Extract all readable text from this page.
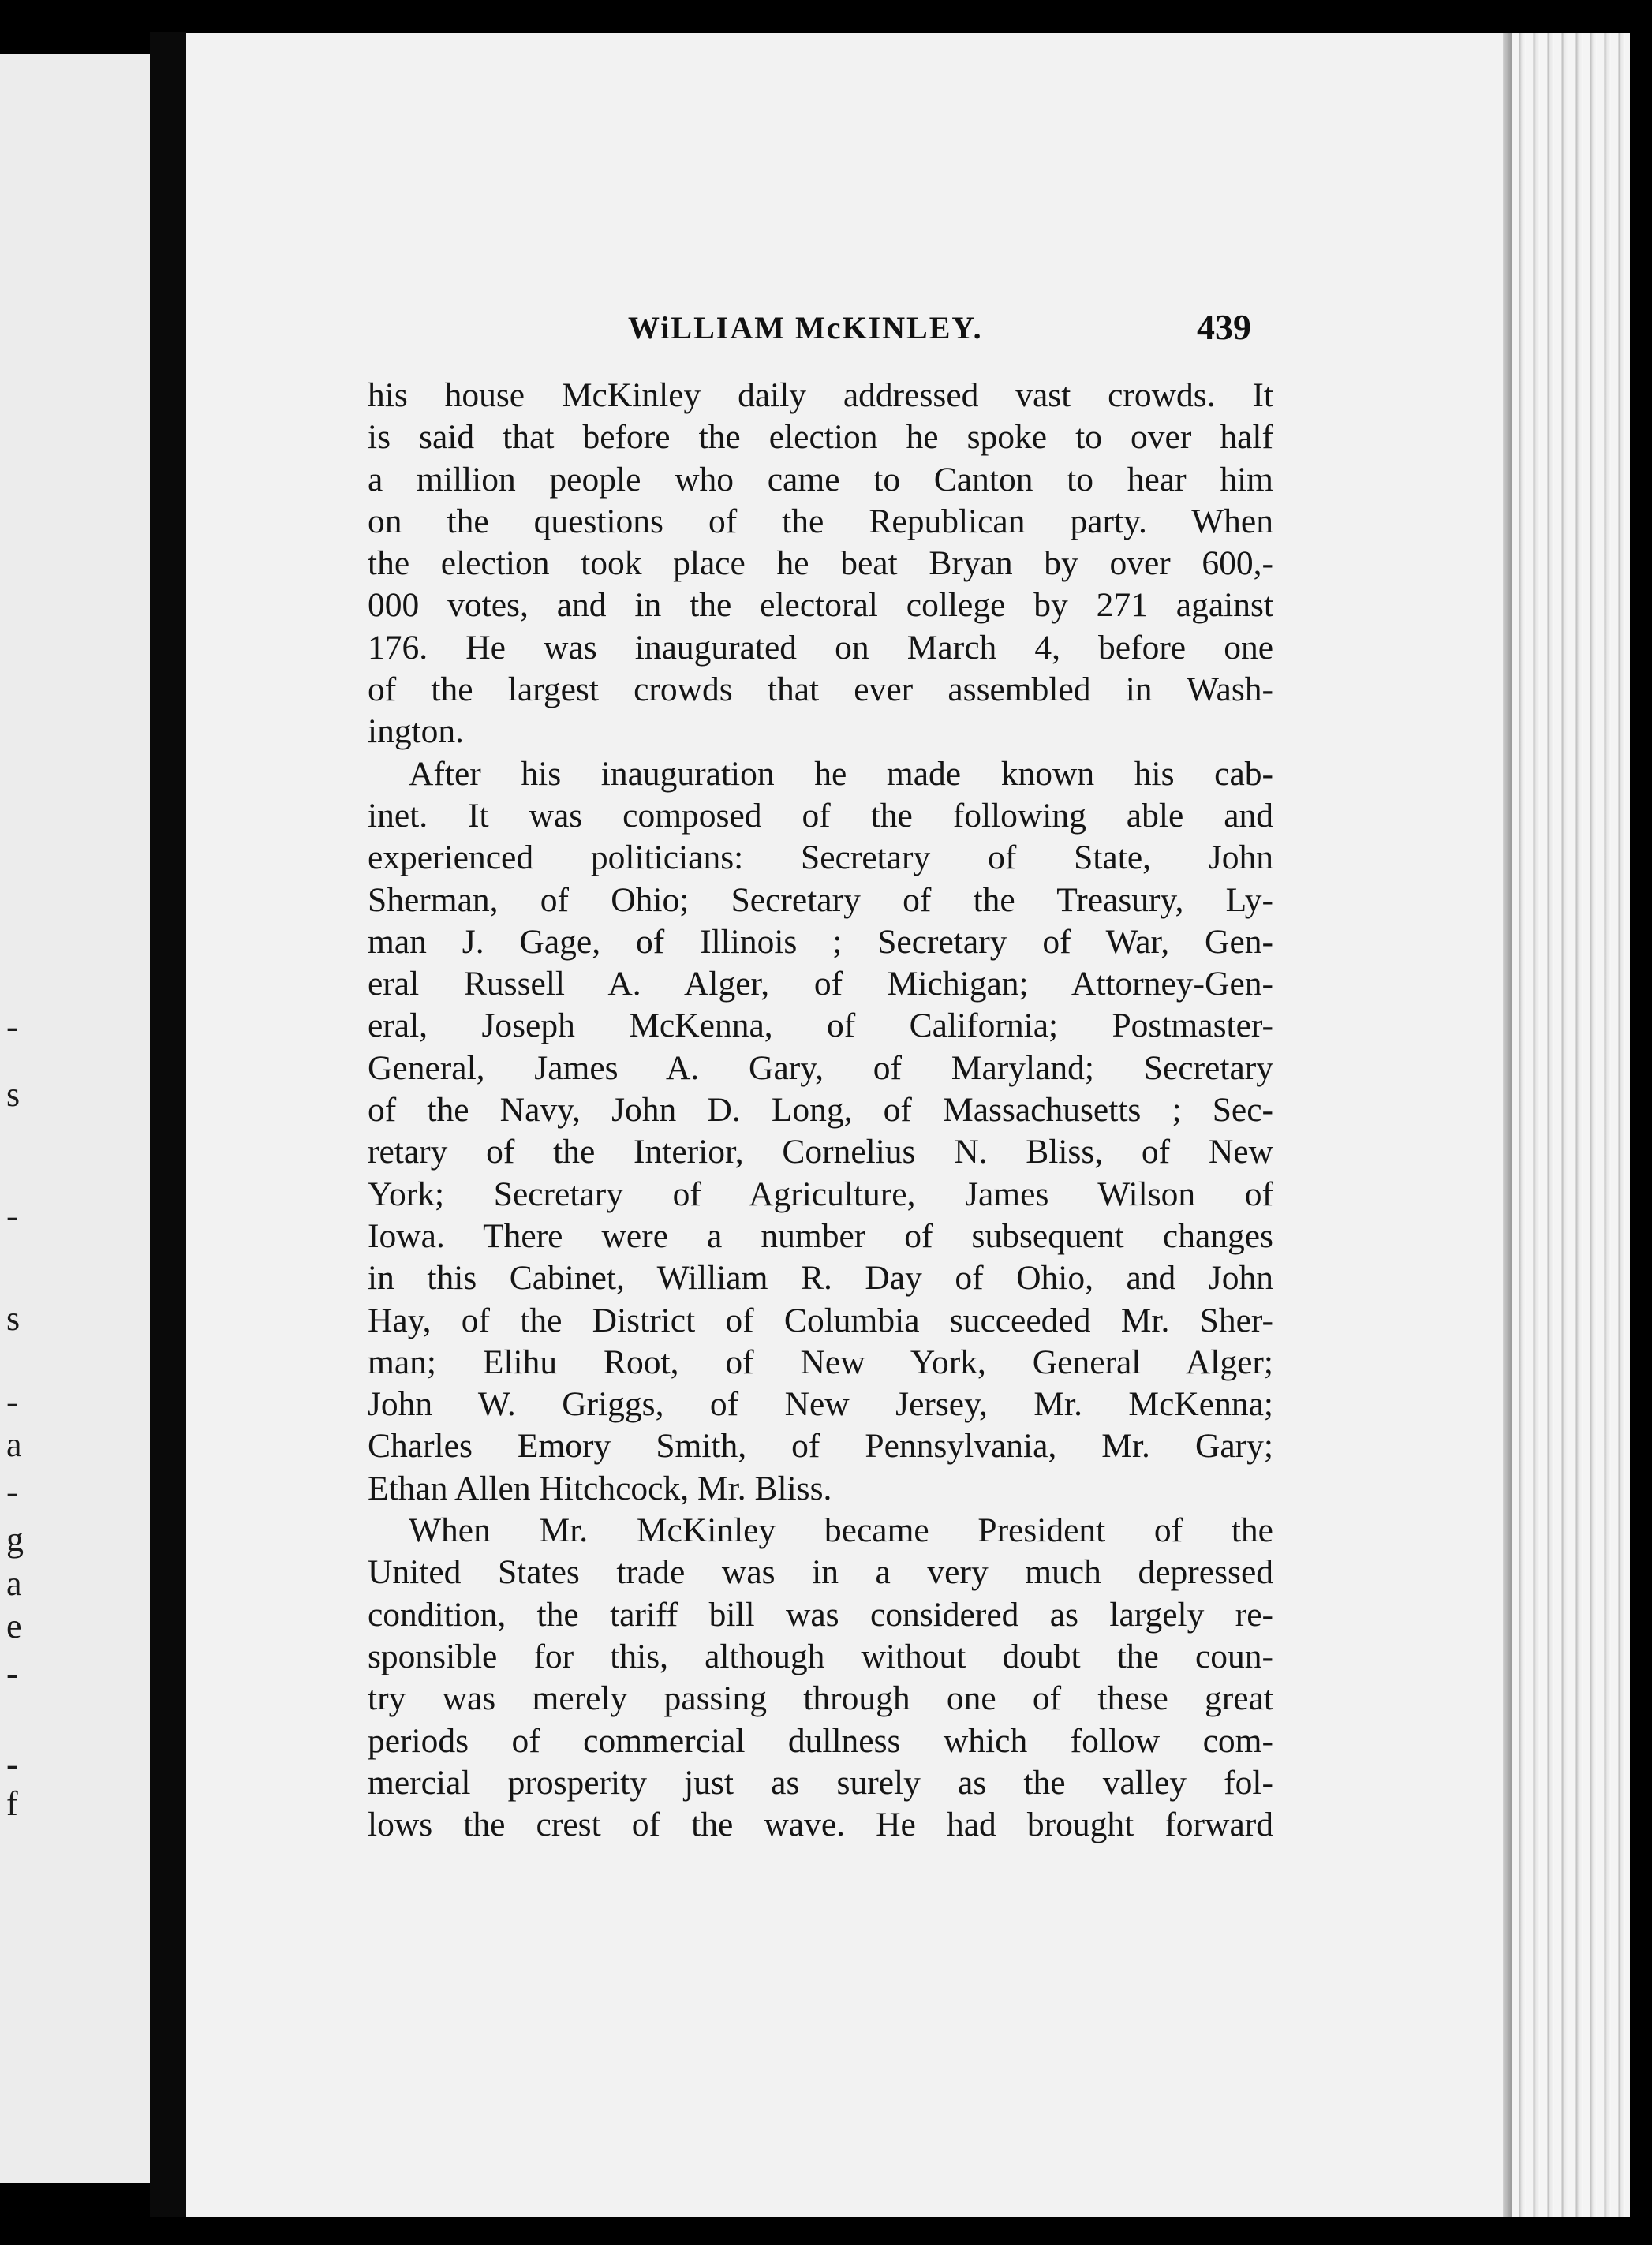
-
s
-
s
-
a
-
g
a
e
-
-
f
WiLLIAM McKINLEY.	439
his house McKinley daily addressed vast crowds. It
is said that before the election he spoke to over half
a million people who came to Canton to hear him
on the questions of the Republican party. When
the election took place he beat Bryan by over 600,-
000 votes, and in the electoral college by 271 against
176. He was inaugurated on March 4, before one
of the largest crowds that ever assembled in Wash-
ington.
After his inauguration he made known his cab-
inet. It was composed of the following able and
experienced politicians: Secretary of State, John
Sherman, of Ohio; Secretary of the Treasury, Ly-
man J. Gage, of Illinois ; Secretary of War, Gen-
eral Russell A. Alger, of Michigan; Attorney-Gen-
eral, Joseph McKenna, of California; Postmaster-
General, James A. Gary, of Maryland; Secretary
of the Navy, John D. Long, of Massachusetts ; Sec-
retary of the Interior, Cornelius N. Bliss, of New
York; Secretary of Agriculture, James Wilson of
Iowa. There were a number of subsequent changes
in this Cabinet, William R. Day of Ohio, and John
Hay, of the District of Columbia succeeded Mr. Sher-
man; Elihu Root, of New York, General Alger;
John W. Griggs, of New Jersey, Mr. McKenna;
Charles Emory Smith, of Pennsylvania, Mr. Gary;
Ethan Allen Hitchcock, Mr. Bliss.
When Mr. McKinley became President of the
United States trade was in a very much depressed
condition, the tariff bill was considered as largely re-
sponsible for this, although without doubt the coun-
try was merely passing through one of these great
periods of commercial dullness which follow com-
mercial prosperity just as surely as the valley fol-
lows the crest of the wave. He had brought forward
